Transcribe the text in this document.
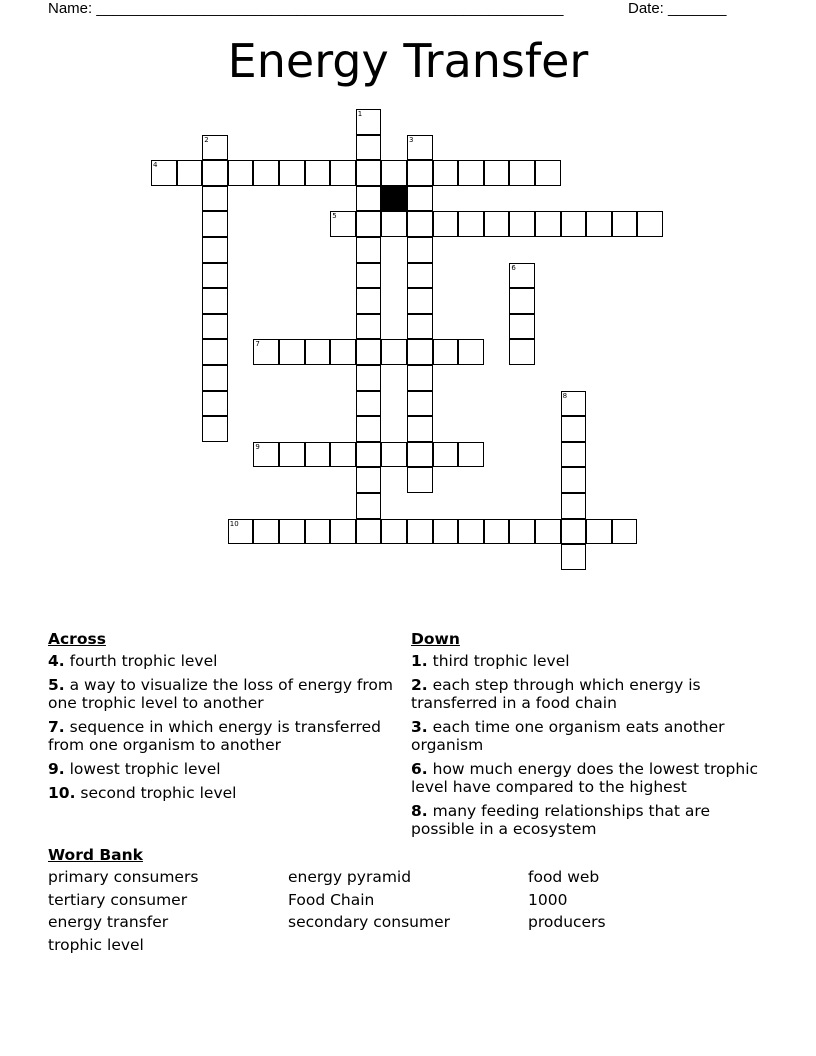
Name: ________________________________________________________	Date: _______
Energy Transfer
4
5
7
9
10
1
2	3
6
8
Across
4. fourth trophic level
5. a way to visualize the loss of energy from one trophic level to another
7. sequence in which energy is transferred from one organism to another
9. lowest trophic level
10. second trophic level
Down
1. third trophic level
2. each step through which energy is transferred in a food chain
3. each time one organism eats another organism
6. how much energy does the lowest trophic level have compared to the highest
8. many feeding relationships that are possible in a ecosystem
Word Bank
primary consumers
tertiary consumer
energy transfer
trophic level
energy pyramid
Food Chain
secondary consumer
food web
1000
producers
